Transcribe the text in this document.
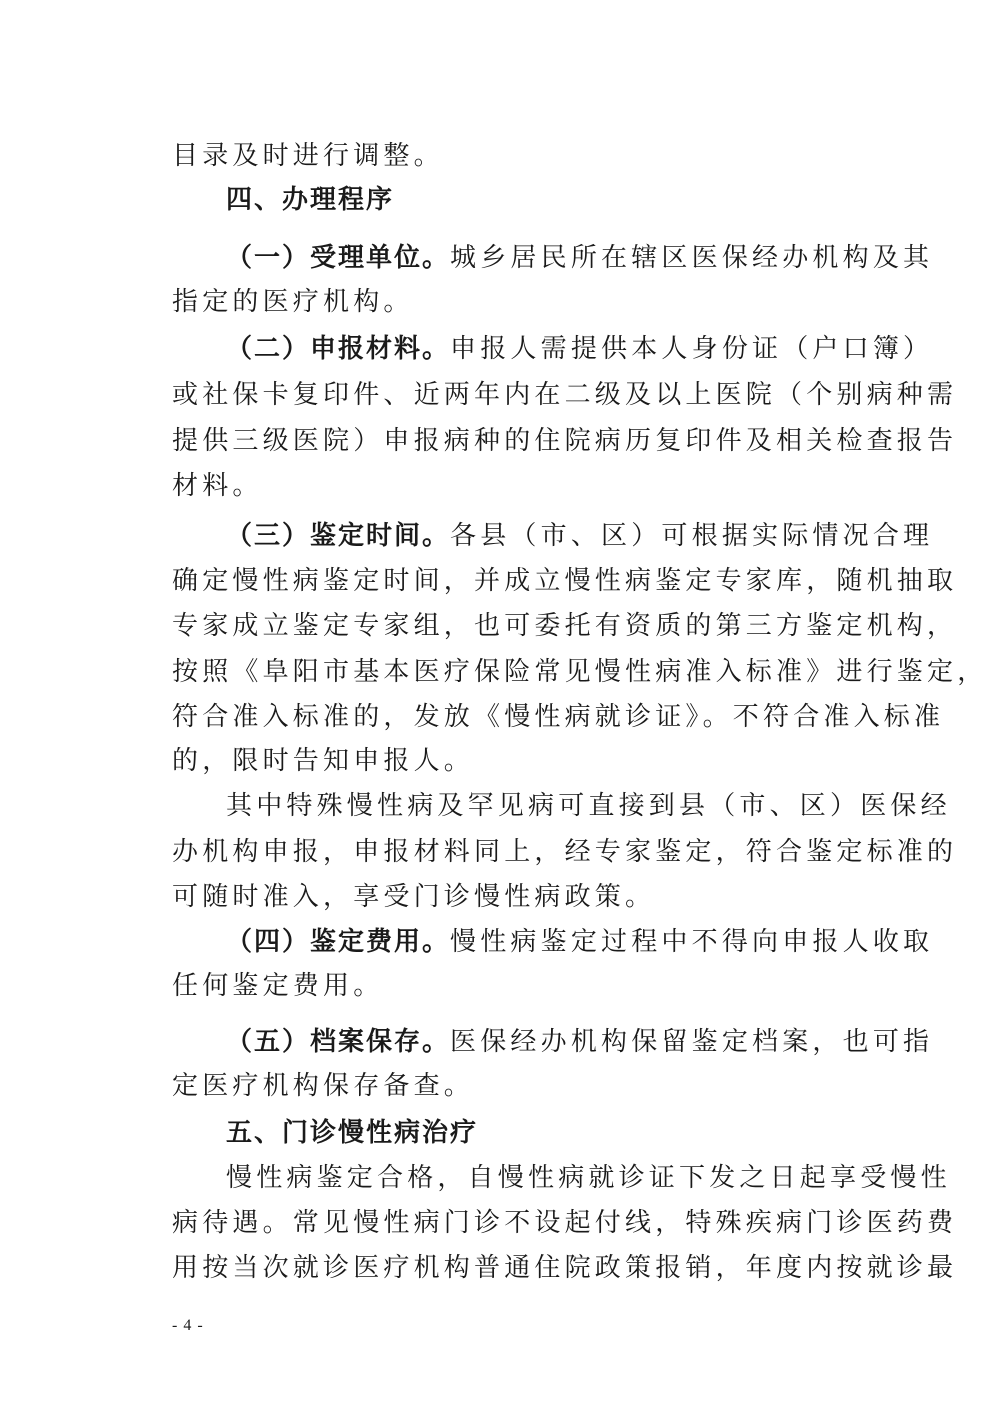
目录及时进行调整。
四、办理程序
（一）受理单位。城乡居民所在辖区医保经办机构及其
指定的医疗机构。
（二）申报材料。申报人需提供本人身份证（户口簿）
或社保卡复印件、近两年内在二级及以上医院（个别病种需
提供三级医院）申报病种的住院病历复印件及相关检查报告
材料。
（三）鉴定时间。各县（市、区）可根据实际情况合理
确定慢性病鉴定时间，并成立慢性病鉴定专家库，随机抽取
专家成立鉴定专家组，也可委托有资质的第三方鉴定机构，
按照《阜阳市基本医疗保险常见慢性病准入标准》进行鉴定，
符合准入标准的，发放《慢性病就诊证》。不符合准入标准
的，限时告知申报人。
其中特殊慢性病及罕见病可直接到县（市、区）医保经
办机构申报，申报材料同上，经专家鉴定，符合鉴定标准的
可随时准入，享受门诊慢性病政策。
（四）鉴定费用。慢性病鉴定过程中不得向申报人收取
任何鉴定费用。
（五）档案保存。医保经办机构保留鉴定档案，也可指
定医疗机构保存备查。
五、门诊慢性病治疗
慢性病鉴定合格，自慢性病就诊证下发之日起享受慢性
病待遇。常见慢性病门诊不设起付线，特殊疾病门诊医药费
用按当次就诊医疗机构普通住院政策报销，年度内按就诊最
- 4 -
